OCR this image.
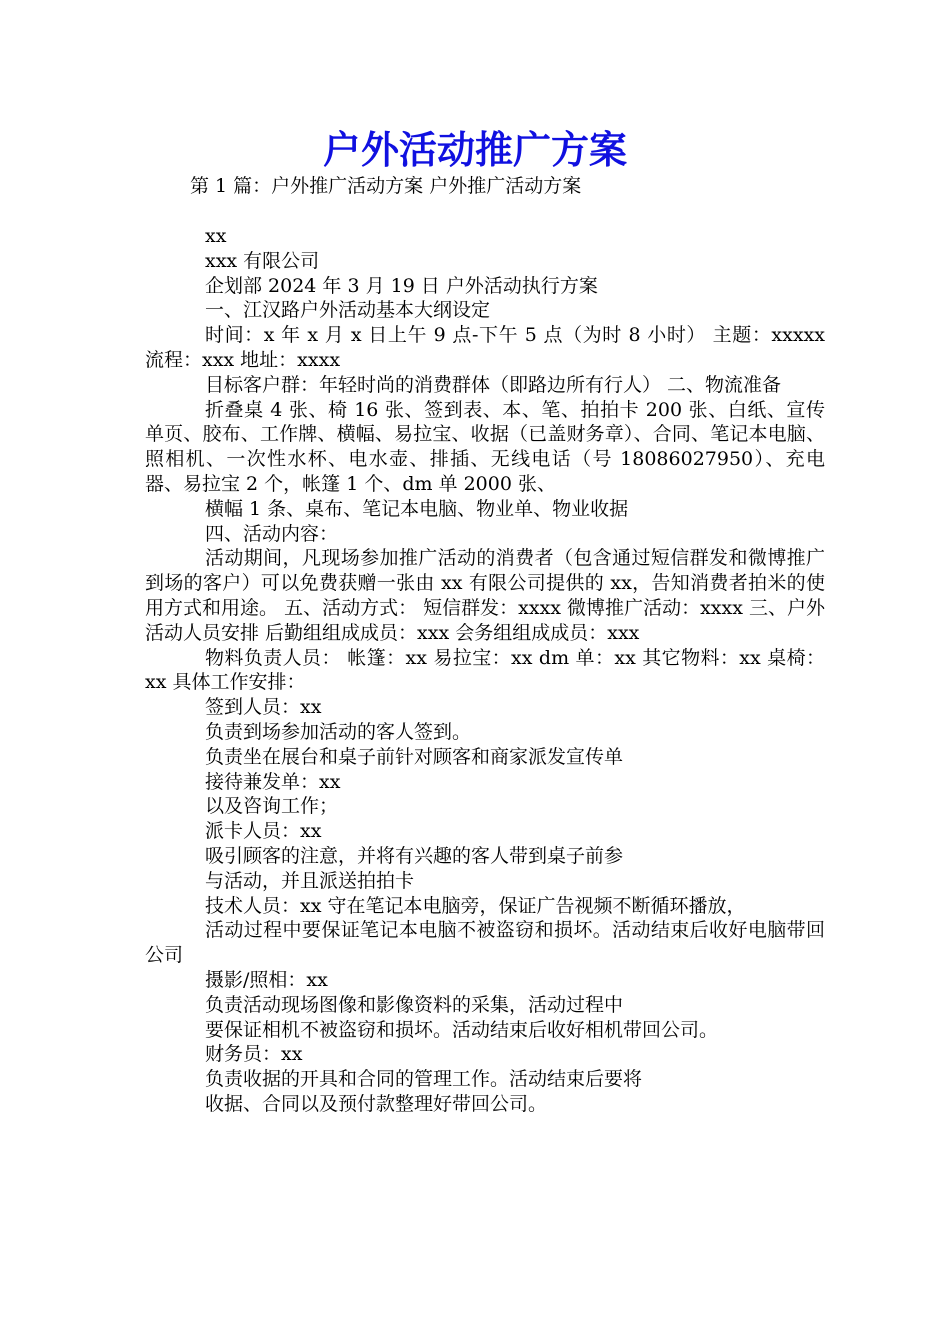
户外活动推广方案

第 1 篇：户外推广活动方案 户外推广活动方案

xx

xxx 有限公司

企划部 2024 年 3 月 19 日 户外活动执行方案

一、江汉路户外活动基本大纲设定

时间：x 年 x 月 x 日上午 9 点-下午 5 点（为时 8 小时） 主题：xxxxx 流程：xxx 地址：xxxx

目标客户群：年轻时尚的消费群体（即路边所有行人） 二、物流准备

折叠桌 4 张、椅 16 张、签到表、本、笔、拍拍卡 200 张、白纸、宣传单页、胶布、工作牌、横幅、易拉宝、收据（已盖财务章）、合同、笔记本电脑、照相机、一次性水杯、电水壶、排插、无线电话（号 18086027950）、充电器、易拉宝 2 个，帐篷 1 个、dm 单 2000 张、

横幅 1 条、桌布、笔记本电脑、物业单、物业收据

四、活动内容：

活动期间，凡现场参加推广活动的消费者（包含通过短信群发和微博推广到场的客户）可以免费获赠一张由 xx 有限公司提供的 xx，告知消费者拍米的使用方式和用途。 五、活动方式： 短信群发：xxxx 微博推广活动：xxxx 三、户外活动人员安排 后勤组组成成员：xxx 会务组组成成员：xxx

物料负责人员： 帐篷：xx 易拉宝：xx dm 单：xx 其它物料：xx 桌椅：xx 具体工作安排：

签到人员：xx

负责到场参加活动的客人签到。

负责坐在展台和桌子前针对顾客和商家派发宣传单

接待兼发单：xx

以及咨询工作；

派卡人员：xx

吸引顾客的注意，并将有兴趣的客人带到桌子前参

与活动，并且派送拍拍卡

技术人员：xx 守在笔记本电脑旁，保证广告视频不断循环播放，

活动过程中要保证笔记本电脑不被盗窃和损坏。活动结束后收好电脑带回公司

摄影/照相：xx

负责活动现场图像和影像资料的采集，活动过程中

要保证相机不被盗窃和损坏。活动结束后收好相机带回公司。

财务员：xx

负责收据的开具和合同的管理工作。活动结束后要将

收据、合同以及预付款整理好带回公司。
